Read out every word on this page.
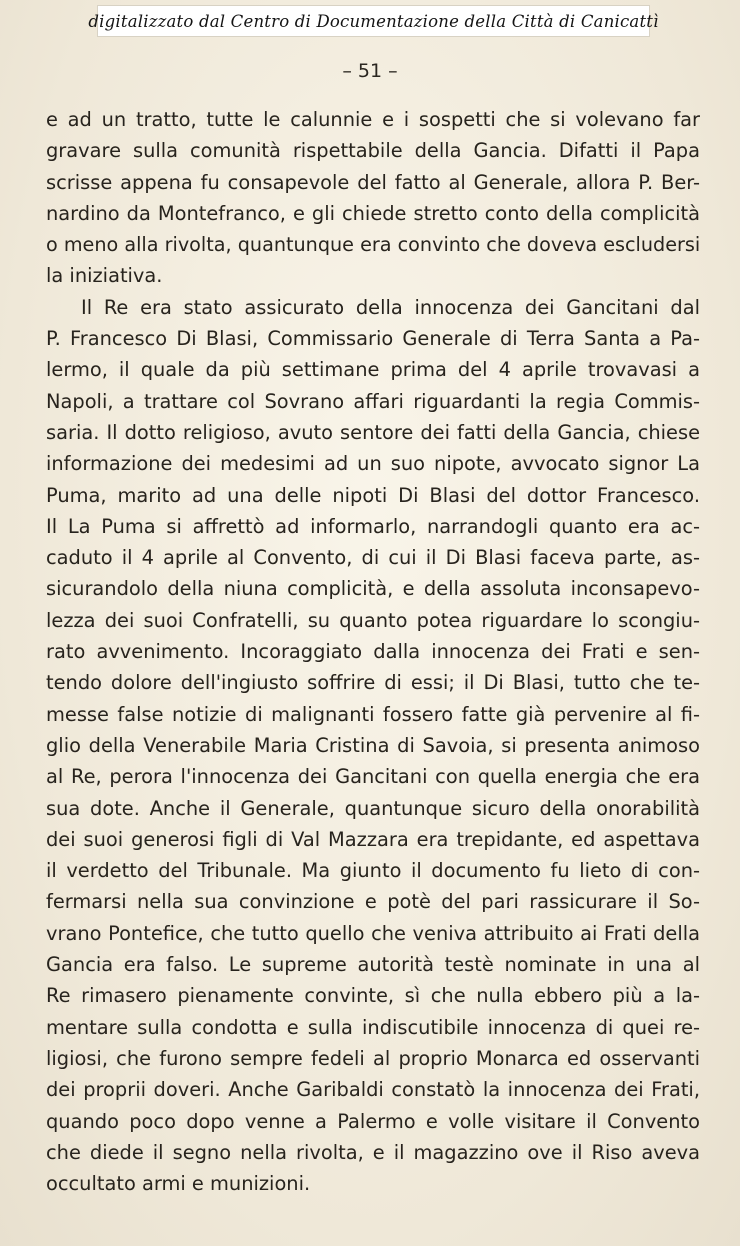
digitalizzato dal Centro di Documentazione della Città di Canicattì
– 51 –
e ad un tratto, tutte le calunnie e i sospetti che si volevano far
gravare sulla comunità rispettabile della Gancia. Difatti il Papa
scrisse appena fu consapevole del fatto al Generale, allora P. Ber-
nardino da Montefranco, e gli chiede stretto conto della complicità
o meno alla rivolta, quantunque era convinto che doveva escludersi
la iniziativa.
Il Re era stato assicurato della innocenza dei Gancitani dal
P. Francesco Di Blasi, Commissario Generale di Terra Santa a Pa-
lermo, il quale da più settimane prima del 4 aprile trovavasi a
Napoli, a trattare col Sovrano affari riguardanti la regia Commis-
saria. Il dotto religioso, avuto sentore dei fatti della Gancia, chiese
informazione dei medesimi ad un suo nipote, avvocato signor La
Puma, marito ad una delle nipoti Di Blasi del dottor Francesco.
Il La Puma si affrettò ad informarlo, narrandogli quanto era ac-
caduto il 4 aprile al Convento, di cui il Di Blasi faceva parte, as-
sicurandolo della niuna complicità, e della assoluta inconsapevo-
lezza dei suoi Confratelli, su quanto potea riguardare lo scongiu-
rato avvenimento. Incoraggiato dalla innocenza dei Frati e sen-
tendo dolore dell'ingiusto soffrire di essi; il Di Blasi, tutto che te-
messe false notizie di malignanti fossero fatte già pervenire al fi-
glio della Venerabile Maria Cristina di Savoia, si presenta animoso
al Re, perora l'innocenza dei Gancitani con quella energia che era
sua dote. Anche il Generale, quantunque sicuro della onorabilità
dei suoi generosi figli di Val Mazzara era trepidante, ed aspettava
il verdetto del Tribunale. Ma giunto il documento fu lieto di con-
fermarsi nella sua convinzione e potè del pari rassicurare il So-
vrano Pontefice, che tutto quello che veniva attribuito ai Frati della
Gancia era falso. Le supreme autorità testè nominate in una al
Re rimasero pienamente convinte, sì che nulla ebbero più a la-
mentare sulla condotta e sulla indiscutibile innocenza di quei re-
ligiosi, che furono sempre fedeli al proprio Monarca ed osservanti
dei proprii doveri. Anche Garibaldi constatò la innocenza dei Frati,
quando poco dopo venne a Palermo e volle visitare il Convento
che diede il segno nella rivolta, e il magazzino ove il Riso aveva
occultato armi e munizioni.
